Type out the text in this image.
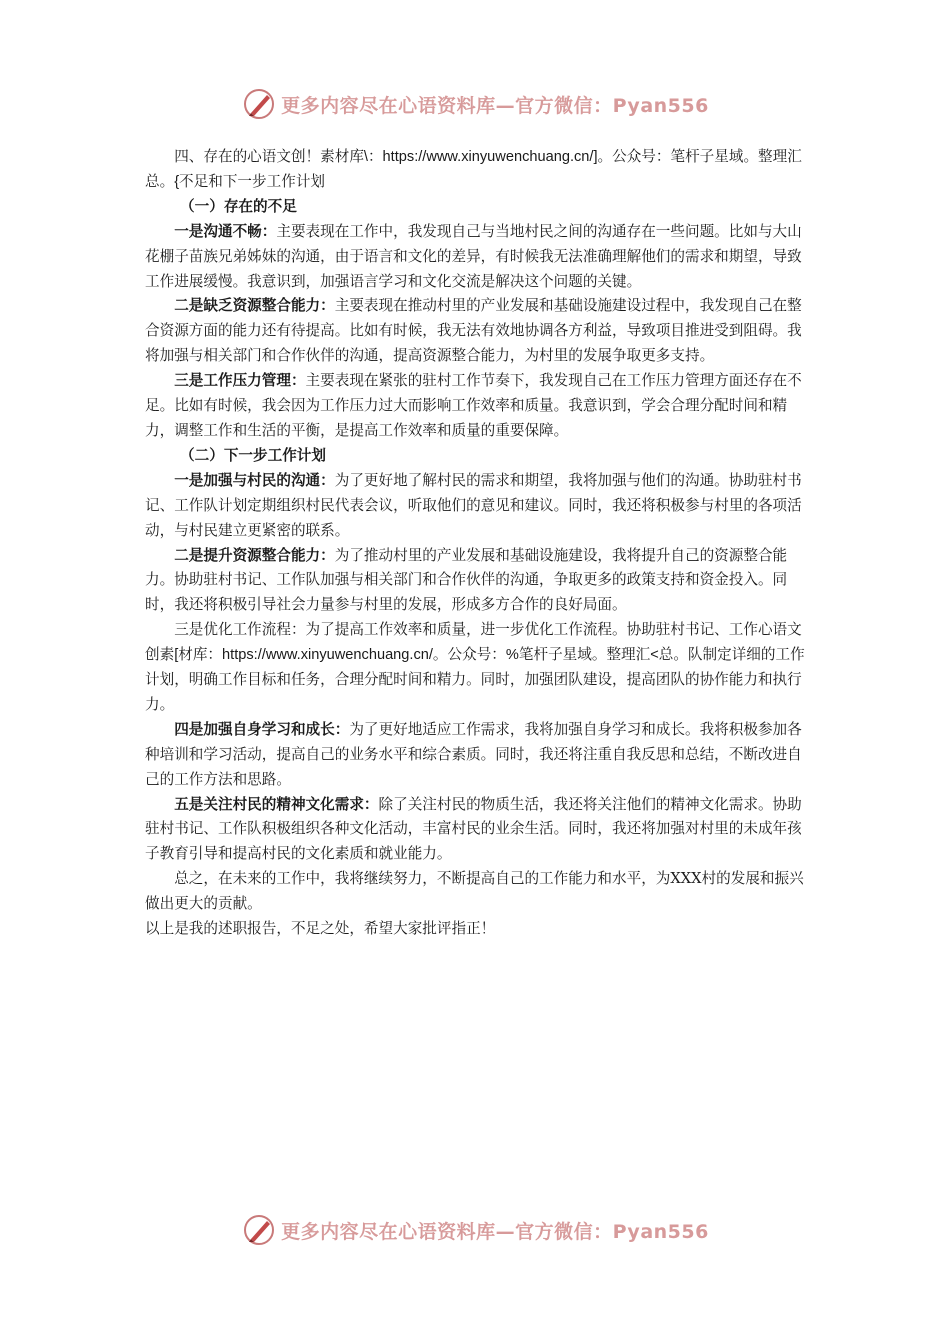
更多内容尽在心语资料库—官方微信：Pyan556

四、存在的心语文创！素材库\：https://www.xinyuwenchuang.cn/]。公众号：笔杆子星域。整理汇总。{不足和下一步工作计划

（一）存在的不足

一是沟通不畅：主要表现在工作中，我发现自己与当地村民之间的沟通存在一些问题。比如与大山花棚子苗族兄弟姊妹的沟通，由于语言和文化的差异，有时候我无法准确理解他们的需求和期望，导致工作进展缓慢。我意识到，加强语言学习和文化交流是解决这个问题的关键。

二是缺乏资源整合能力：主要表现在推动村里的产业发展和基础设施建设过程中，我发现自己在整合资源方面的能力还有待提高。比如有时候，我无法有效地协调各方利益，导致项目推进受到阻碍。我将加强与相关部门和合作伙伴的沟通，提高资源整合能力，为村里的发展争取更多支持。

三是工作压力管理：主要表现在紧张的驻村工作节奏下，我发现自己在工作压力管理方面还存在不足。比如有时候，我会因为工作压力过大而影响工作效率和质量。我意识到，学会合理分配时间和精力，调整工作和生活的平衡，是提高工作效率和质量的重要保障。

（二）下一步工作计划

一是加强与村民的沟通：为了更好地了解村民的需求和期望，我将加强与他们的沟通。协助驻村书记、工作队计划定期组织村民代表会议，听取他们的意见和建议。同时，我还将积极参与村里的各项活动，与村民建立更紧密的联系。

二是提升资源整合能力：为了推动村里的产业发展和基础设施建设，我将提升自己的资源整合能力。协助驻村书记、工作队加强与相关部门和合作伙伴的沟通，争取更多的政策支持和资金投入。同时，我还将积极引导社会力量参与村里的发展，形成多方合作的良好局面。

三是优化工作流程：为了提高工作效率和质量，进一步优化工作流程。协助驻村书记、工作心语文创素[材库：https://www.xinyuwenchuang.cn/。公众号：%笔杆子星域。整理汇<总。队制定详细的工作计划，明确工作目标和任务，合理分配时间和精力。同时，加强团队建设，提高团队的协作能力和执行力。

四是加强自身学习和成长：为了更好地适应工作需求，我将加强自身学习和成长。我将积极参加各种培训和学习活动，提高自己的业务水平和综合素质。同时，我还将注重自我反思和总结，不断改进自己的工作方法和思路。

五是关注村民的精神文化需求：除了关注村民的物质生活，我还将关注他们的精神文化需求。协助驻村书记、工作队积极组织各种文化活动，丰富村民的业余生活。同时，我还将加强对村里的未成年孩子教育引导和提高村民的文化素质和就业能力。

总之，在未来的工作中，我将继续努力，不断提高自己的工作能力和水平，为XXX村的发展和振兴做出更大的贡献。

以上是我的述职报告，不足之处，希望大家批评指正！

更多内容尽在心语资料库—官方微信：Pyan556
